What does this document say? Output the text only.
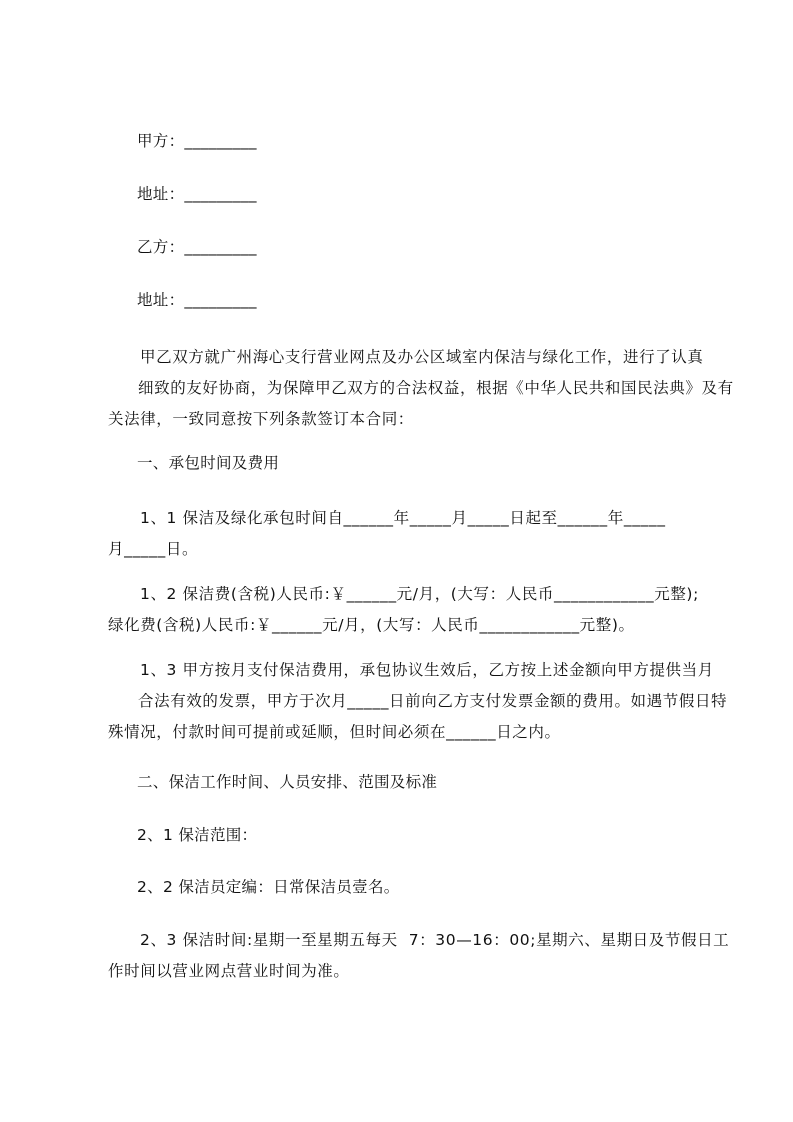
甲方：_________
地址：_________
乙方：_________
地址：_________
甲乙双方就广州海心支行营业网点及办公区域室内保洁与绿化工作，进行了认真
细致的友好协商，为保障甲乙双方的合法权益，根据《中华人民共和国民法典》及有
关法律，一致同意按下列条款签订本合同：
一、承包时间及费用
1、1 保洁及绿化承包时间自______年_____月_____日起至______年_____
月_____日。
1、2 保洁费(含税)人民币:￥______元/月，(大写：人民币____________元整);
绿化费(含税)人民币:￥______元/月，(大写：人民币____________元整)。
1、3 甲方按月支付保洁费用，承包协议生效后，乙方按上述金额向甲方提供当月
合法有效的发票，甲方于次月_____日前向乙方支付发票金额的费用。如遇节假日特
殊情况，付款时间可提前或延顺，但时间必须在______日之内。
二、保洁工作时间、人员安排、范围及标准
2、1 保洁范围：
2、2 保洁员定编：日常保洁员壹名。
2、3 保洁时间:星期一至星期五每天  7：30—16：00;星期六、星期日及节假日工
作时间以营业网点营业时间为准。
